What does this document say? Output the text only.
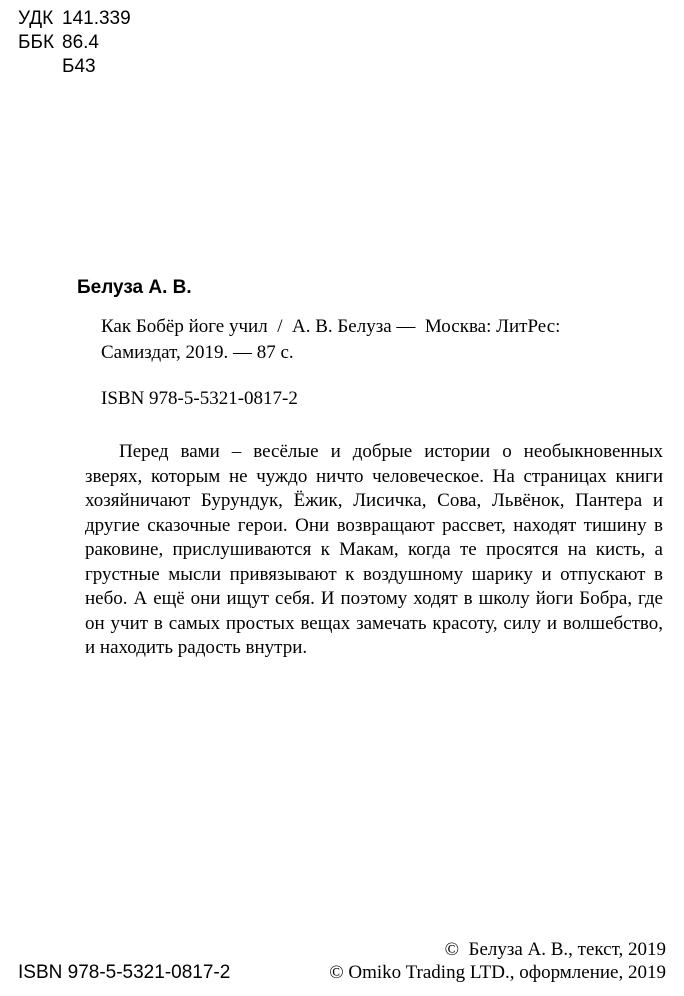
УДК 141.339
ББК 86.4
Б43
Белуза А. В.
Как Бобёр йоге учил  /  А. В. Белуза —  Москва: ЛитРес:
Самиздат, 2019. — 87 с.
ISBN 978-5-5321-0817-2

Перед вами – весёлые и добрые истории о необыкновенных зверях, которым не чуждо ничто человеческое. На страницах книги хозяйничают Бурундук, Ёжик, Лисичка, Сова, Львёнок, Пантера и другие сказочные герои. Они возвращают рассвет, находят тишину в раковине, прислушиваются к Макам, когда те просятся на кисть, а грустные мысли привязывают к воздушному шарику и отпускают в небо. А ещё они ищут себя. И поэтому ходят в школу йоги Бобра, где он учит в самых простых вещах замечать красоту, силу и волшебство, и находить радость внутри.

ISBN 978-5-5321-0817-2
©  Белуза А. В., текст, 2019
© Omiko Trading LTD., оформление, 2019
